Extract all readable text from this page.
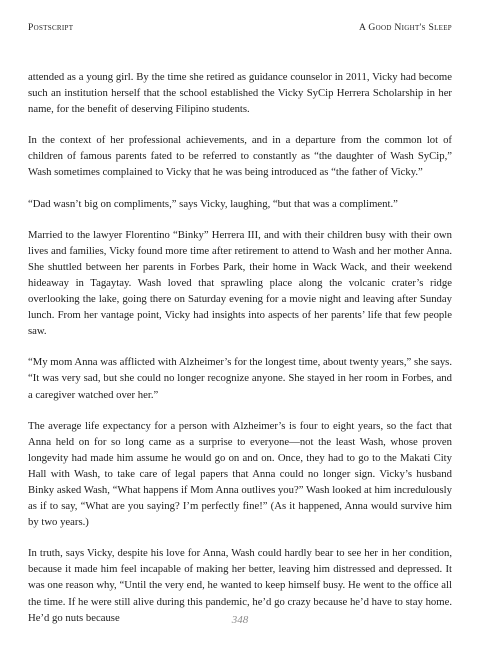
Postscript	A Good Night's Sleep

attended as a young girl. By the time she retired as guidance counselor in 2011, Vicky had become such an institution herself that the school established the Vicky SyCip Herrera Scholarship in her name, for the benefit of deserving Filipino students.

In the context of her professional achievements, and in a departure from the common lot of children of famous parents fated to be referred to constantly as “the daughter of Wash SyCip,” Wash sometimes complained to Vicky that he was being introduced as “the father of Vicky.”

“Dad wasn’t big on compliments,” says Vicky, laughing, “but that was a compliment.”

Married to the lawyer Florentino “Binky” Herrera III, and with their children busy with their own lives and families, Vicky found more time after retirement to attend to Wash and her mother Anna. She shuttled between her parents in Forbes Park, their home in Wack Wack, and their weekend hideaway in Tagaytay. Wash loved that sprawling place along the volcanic crater’s ridge overlooking the lake, going there on Saturday evening for a movie night and leaving after Sunday lunch. From her vantage point, Vicky had insights into aspects of her parents’ life that few people saw.

“My mom Anna was afflicted with Alzheimer’s for the longest time, about twenty years,” she says. “It was very sad, but she could no longer recognize anyone. She stayed in her room in Forbes, and a caregiver watched over her.”

The average life expectancy for a person with Alzheimer’s is four to eight years, so the fact that Anna held on for so long came as a surprise to everyone—not the least Wash, whose proven longevity had made him assume he would go on and on. Once, they had to go to the Makati City Hall with Wash, to take care of legal papers that Anna could no longer sign. Vicky’s husband Binky asked Wash, “What happens if Mom Anna outlives you?” Wash looked at him incredulously as if to say, “What are you saying? I’m perfectly fine!” (As it happened, Anna would survive him by two years.)

In truth, says Vicky, despite his love for Anna, Wash could hardly bear to see her in her condition, because it made him feel incapable of making her better, leaving him distressed and depressed. It was one reason why, “Until the very end, he wanted to keep himself busy. He went to the office all the time. If he were still alive during this pandemic, he’d go crazy because he’d have to stay home. He’d go nuts because	348
